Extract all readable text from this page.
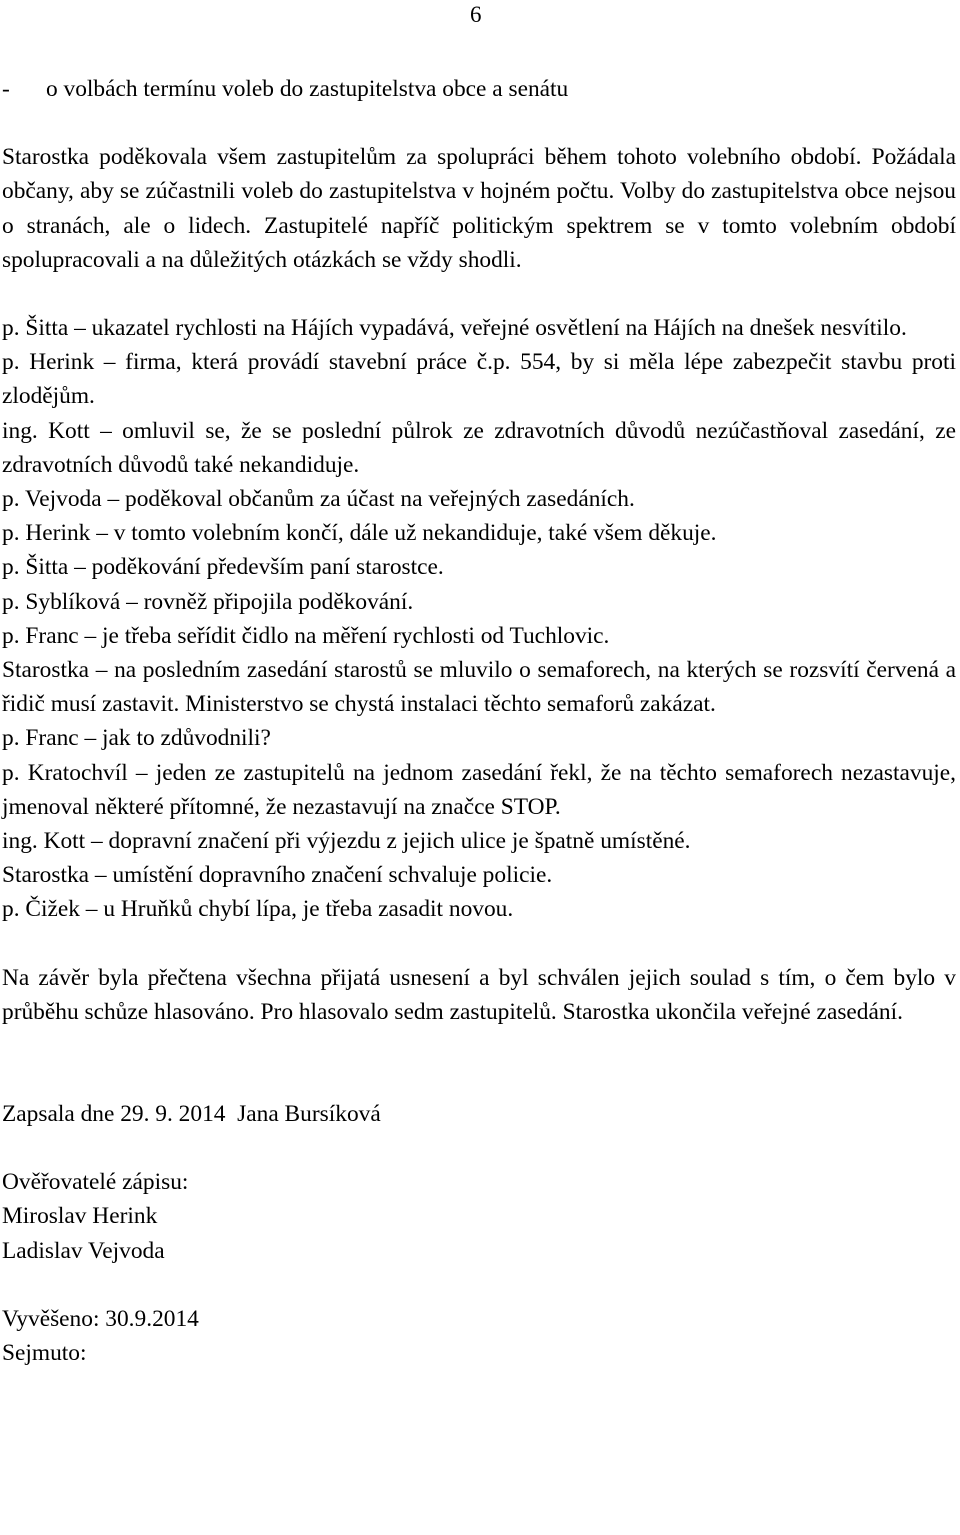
6
-	o volbách termínu voleb do zastupitelstva obce a senátu

Starostka poděkovala všem zastupitelům za spolupráci během tohoto volebního období. Požádala občany, aby se zúčastnili voleb do zastupitelstva v hojném počtu. Volby do zastupitelstva obce nejsou o stranách, ale o lidech. Zastupitelé napříč politickým spektrem se v tomto volebním období spolupracovali a na důležitých otázkách se vždy shodli.

p. Šitta – ukazatel rychlosti na Hájích vypadává, veřejné osvětlení na Hájích na dnešek nesvítilo.

p. Herink – firma, která provádí stavební práce č.p. 554, by si měla lépe zabezpečit stavbu proti zlodějům.

ing. Kott – omluvil se, že se poslední půlrok ze zdravotních důvodů nezúčastňoval zasedání, ze zdravotních důvodů také nekandiduje.

p. Vejvoda – poděkoval občanům za účast na veřejných zasedáních.

p. Herink – v tomto volebním končí, dále už nekandiduje, také všem děkuje.

p. Šitta – poděkování především paní starostce.

p. Syblíková – rovněž připojila poděkování.

p. Franc – je třeba seřídit čidlo na měření rychlosti od Tuchlovic.

Starostka – na posledním zasedání starostů se mluvilo o semaforech, na kterých se rozsvítí červená a řidič musí zastavit. Ministerstvo se chystá instalaci těchto semaforů zakázat.

p. Franc – jak to zdůvodnili?

p. Kratochvíl – jeden ze zastupitelů na jednom zasedání řekl, že na těchto semaforech nezastavuje, jmenoval některé přítomné, že nezastavují na značce STOP.

ing. Kott – dopravní značení při výjezdu z jejich ulice je špatně umístěné.

Starostka – umístění dopravního značení schvaluje policie.

p. Čižek – u Hruňků chybí lípa, je třeba zasadit novou.

Na závěr byla přečtena všechna přijatá usnesení a byl schválen jejich soulad s tím, o čem bylo v průběhu schůze hlasováno. Pro hlasovalo sedm zastupitelů. Starostka ukončila veřejné zasedání.

Zapsala dne 29. 9. 2014  Jana Bursíková

Ověřovatelé zápisu:

Miroslav Herink

Ladislav Vejvoda

Vyvěšeno: 30.9.2014

Sejmuto:
